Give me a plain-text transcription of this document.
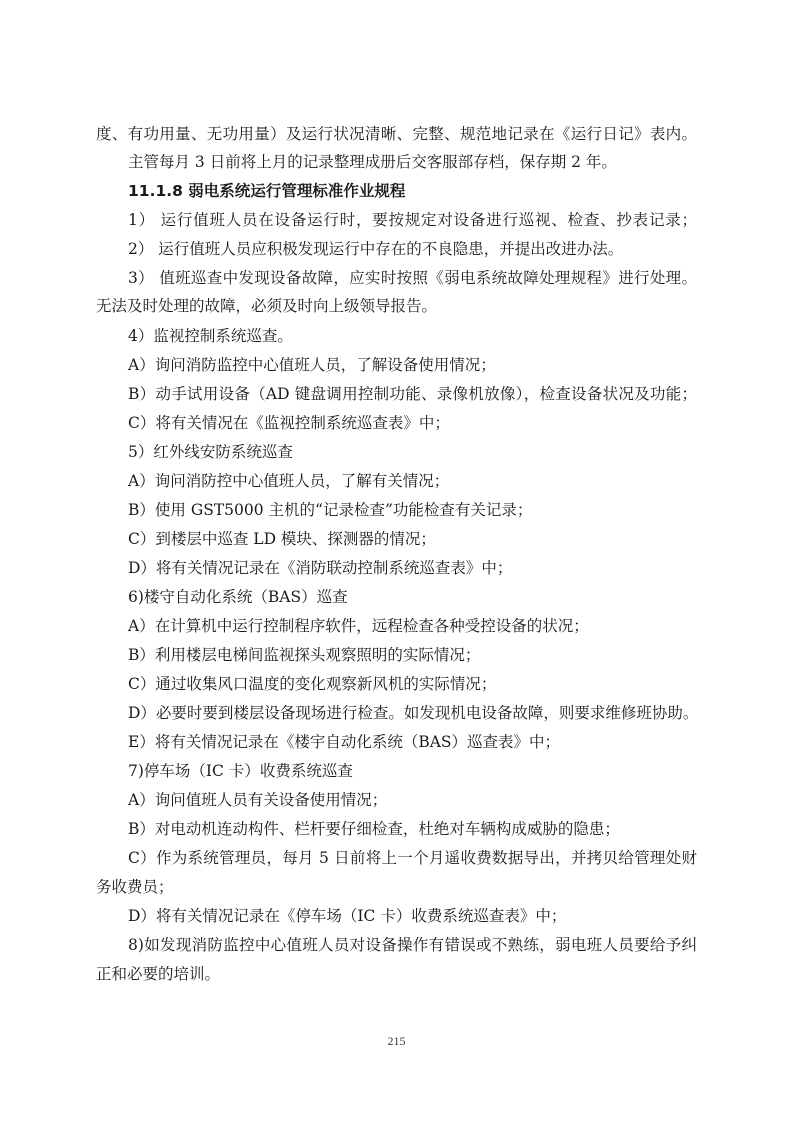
度、有功用量、无功用量）及运行状况清晰、完整、规范地记录在《运行日记》表内。
主管每月 3 日前将上月的记录整理成册后交客服部存档，保存期 2 年。
11.1.8 弱电系统运行管理标准作业规程
1） 运行值班人员在设备运行时，要按规定对设备进行巡视、检查、抄表记录；
2） 运行值班人员应积极发现运行中存在的不良隐患，并提出改进办法。
3） 值班巡查中发现设备故障，应实时按照《弱电系统故障处理规程》进行处理。
无法及时处理的故障，必须及时向上级领导报告。
4）监视控制系统巡查。
A）询问消防监控中心值班人员，了解设备使用情况；
B）动手试用设备（AD 键盘调用控制功能、录像机放像），检查设备状况及功能；
C）将有关情况在《监视控制系统巡查表》中；
5）红外线安防系统巡查
A）询问消防控中心值班人员，了解有关情况；
B）使用 GST5000 主机的“记录检查”功能检查有关记录；
C）到楼层中巡查 LD 模块、探测器的情况；
D）将有关情况记录在《消防联动控制系统巡查表》中；
6)楼守自动化系统（BAS）巡查
A）在计算机中运行控制程序软件，远程检查各种受控设备的状况；
B）利用楼层电梯间监视探头观察照明的实际情况；
C）通过收集风口温度的变化观察新风机的实际情况；
D）必要时要到楼层设备现场进行检查。如发现机电设备故障，则要求维修班协助。
E）将有关情况记录在《楼宇自动化系统（BAS）巡查表》中；
7)停车场（IC 卡）收费系统巡查
A）询问值班人员有关设备使用情况；
B）对电动机连动构件、栏杆要仔细检查，杜绝对车辆构成威胁的隐患；
C）作为系统管理员，每月 5 日前将上一个月遥收费数据导出，并拷贝给管理处财
务收费员；
D）将有关情况记录在《停车场（IC 卡）收费系统巡查表》中；
8)如发现消防监控中心值班人员对设备操作有错误或不熟练，弱电班人员要给予纠
正和必要的培训。
215
